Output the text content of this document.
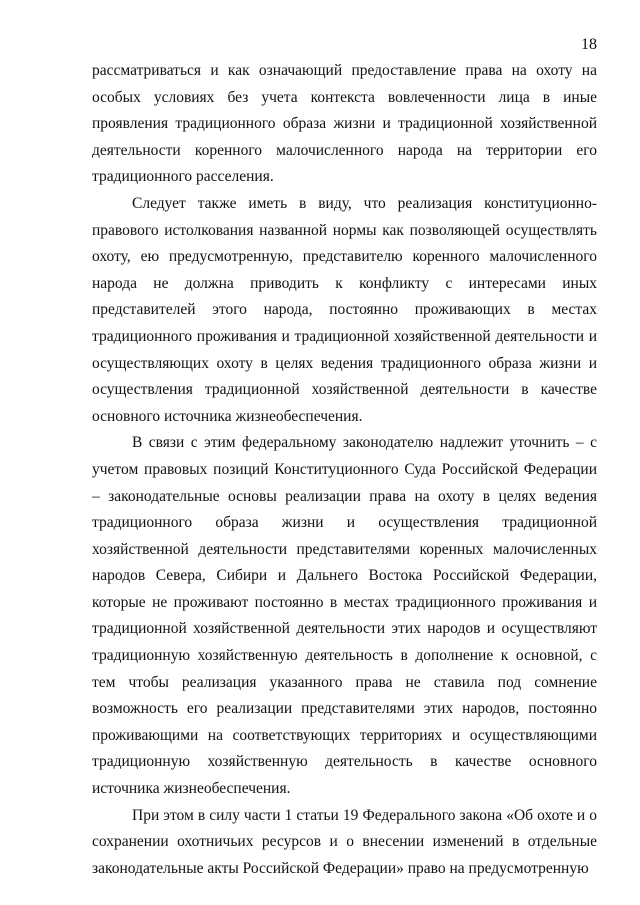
18

рассматриваться и как означающий предоставление права на охоту на особых условиях без учета контекста вовлеченности лица в иные проявления традиционного образа жизни и традиционной хозяйственной деятельности коренного малочисленного народа на территории его традиционного расселения.

Следует также иметь в виду, что реализация конституционно-правового истолкования названной нормы как позволяющей осуществлять охоту, ею предусмотренную, представителю коренного малочисленного народа не должна приводить к конфликту с интересами иных представителей этого народа, постоянно проживающих в местах традиционного проживания и традиционной хозяйственной деятельности и осуществляющих охоту в целях ведения традиционного образа жизни и осуществления традиционной хозяйственной деятельности в качестве основного источника жизнеобеспечения.

В связи с этим федеральному законодателю надлежит уточнить – с учетом правовых позиций Конституционного Суда Российской Федерации – законодательные основы реализации права на охоту в целях ведения традиционного образа жизни и осуществления традиционной хозяйственной деятельности представителями коренных малочисленных народов Севера, Сибири и Дальнего Востока Российской Федерации, которые не проживают постоянно в местах традиционного проживания и традиционной хозяйственной деятельности этих народов и осуществляют традиционную хозяйственную деятельность в дополнение к основной, с тем чтобы реализация указанного права не ставила под сомнение возможность его реализации представителями этих народов, постоянно проживающими на соответствующих территориях и осуществляющими традиционную хозяйственную деятельность в качестве основного источника жизнеобеспечения.

При этом в силу части 1 статьи 19 Федерального закона «Об охоте и о сохранении охотничьих ресурсов и о внесении изменений в отдельные законодательные акты Российской Федерации» право на предусмотренную
